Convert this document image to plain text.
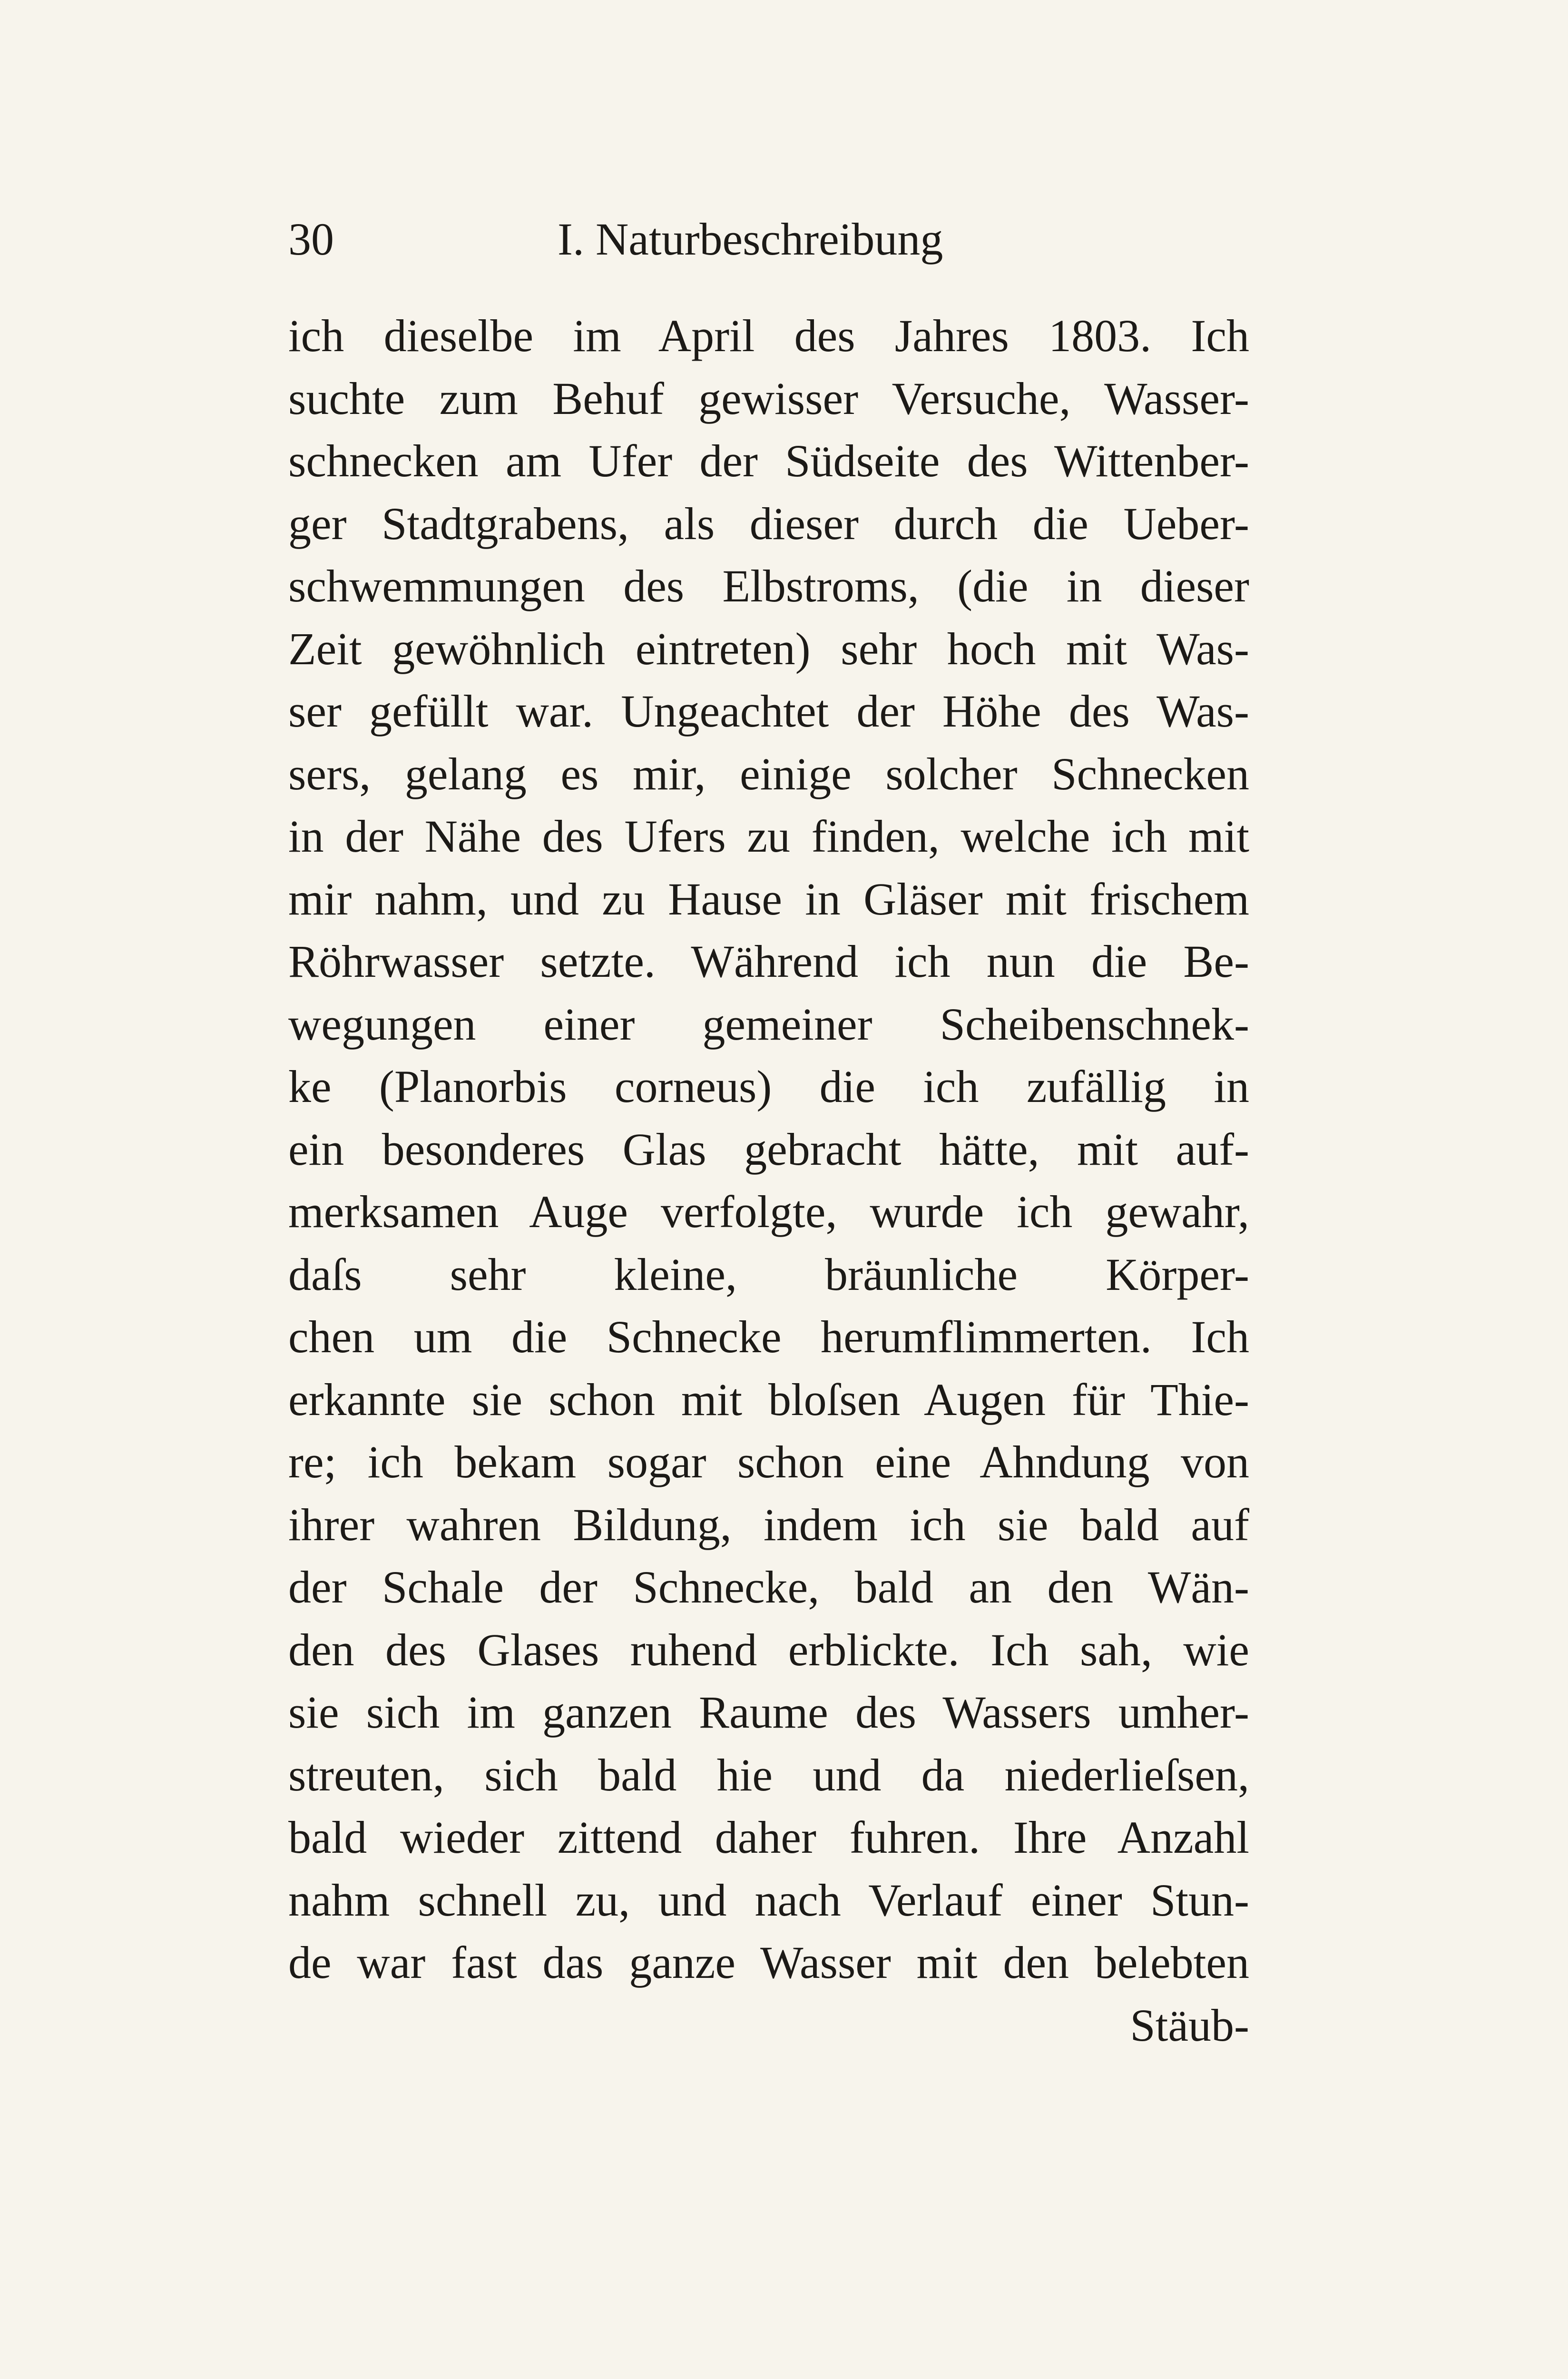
30	I. Naturbeschreibung
ich dieselbe im April des Jahres 1803. Ich
suchte zum Behuf gewisser Versuche, Wasser-
schnecken am Ufer der Südseite des Wittenber-
ger Stadtgrabens, als dieser durch die Ueber-
schwemmungen des Elbstroms, (die in dieser
Zeit gewöhnlich eintreten) sehr hoch mit Was-
ser gefüllt war. Ungeachtet der Höhe des Was-
sers, gelang es mir, einige solcher Schnecken
in der Nähe des Ufers zu finden, welche ich mit
mir nahm, und zu Hause in Gläser mit frischem
Röhrwasser setzte. Während ich nun die Be-
wegungen einer gemeiner Scheibenschnek-
ke (Planorbis corneus) die ich zufällig in
ein besonderes Glas gebracht hätte, mit auf-
merksamen Auge verfolgte, wurde ich gewahr,
daſs sehr kleine, bräunliche Körper-
chen um die Schnecke herumflimmerten. Ich
erkannte sie schon mit bloſsen Augen für Thie-
re; ich bekam sogar schon eine Ahndung von
ihrer wahren Bildung, indem ich sie bald auf
der Schale der Schnecke, bald an den Wän-
den des Glases ruhend erblickte. Ich sah, wie
sie sich im ganzen Raume des Wassers umher-
streuten, sich bald hie und da niederlieſsen,
bald wieder zittend daher fuhren. Ihre Anzahl
nahm schnell zu, und nach Verlauf einer Stun-
de war fast das ganze Wasser mit den belebten
Stäub-
